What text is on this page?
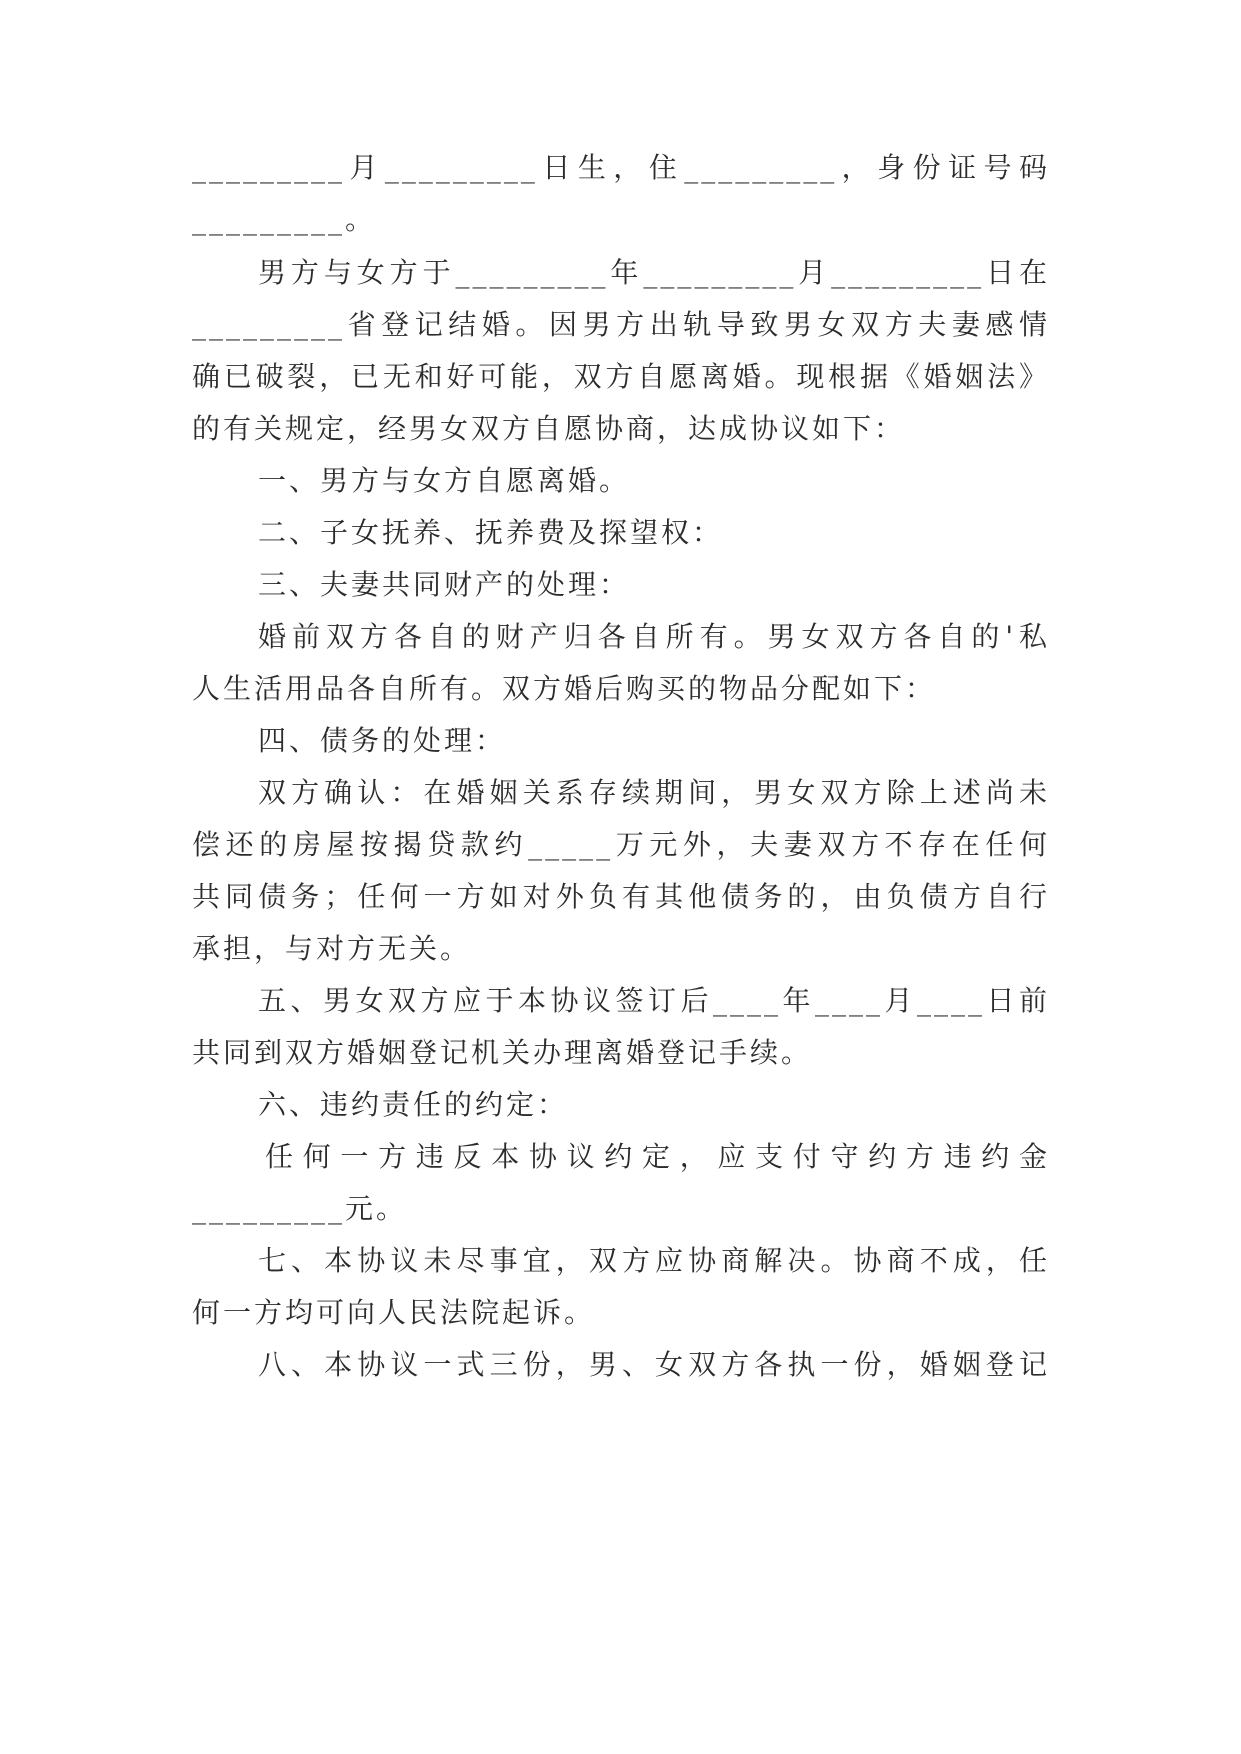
_________月_________日生，住_________，身份证号码
_________。
男方与女方于_________年_________月_________日在
_________省登记结婚。因男方出轨导致男女双方夫妻感情
确已破裂，已无和好可能，双方自愿离婚。现根据《婚姻法》
的有关规定，经男女双方自愿协商，达成协议如下：
一、男方与女方自愿离婚。
二、子女抚养、抚养费及探望权：
三、夫妻共同财产的处理：
婚前双方各自的财产归各自所有。男女双方各自的'私
人生活用品各自所有。双方婚后购买的物品分配如下：
四、债务的处理：
双方确认：在婚姻关系存续期间，男女双方除上述尚未
偿还的房屋按揭贷款约_____万元外，夫妻双方不存在任何
共同债务；任何一方如对外负有其他债务的，由负债方自行
承担，与对方无关。
五、男女双方应于本协议签订后____年____月____日前
共同到双方婚姻登记机关办理离婚登记手续。
六、违约责任的约定：
任何一方违反本协议约定，应支付守约方违约金
_________元。
七、本协议未尽事宜，双方应协商解决。协商不成，任
何一方均可向人民法院起诉。
八、本协议一式三份，男、女双方各执一份，婚姻登记
